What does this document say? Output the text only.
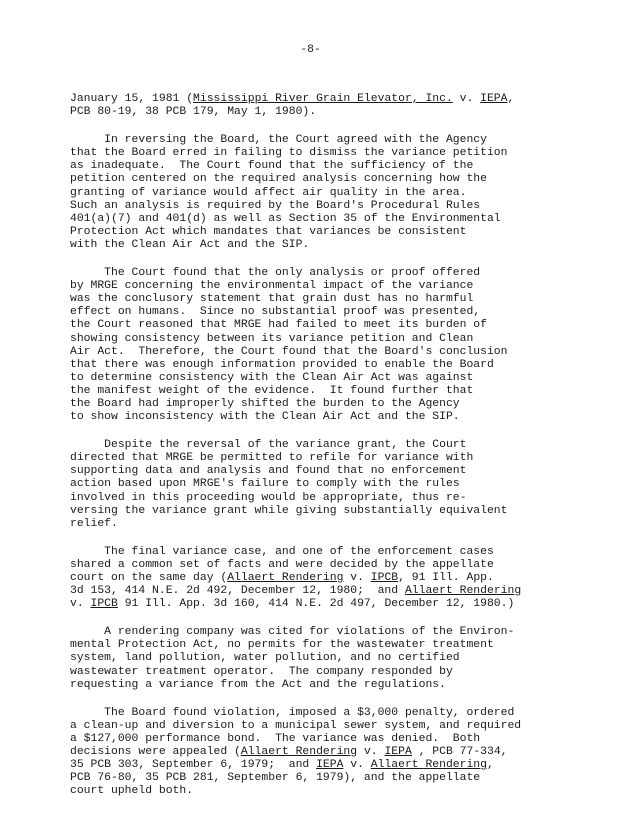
-8-
January 15, 1981 (Mississippi River Grain Elevator, Inc. v. IEPA,
PCB 80-19, 38 PCB 179, May 1, 1980).
In reversing the Board, the Court agreed with the Agency
that the Board erred in failing to dismiss the variance petition
as inadequate.  The Court found that the sufficiency of the
petition centered on the required analysis concerning how the
granting of variance would affect air quality in the area.
Such an analysis is required by the Board's Procedural Rules
401(a)(7) and 401(d) as well as Section 35 of the Environmental
Protection Act which mandates that variances be consistent
with the Clean Air Act and the SIP.
The Court found that the only analysis or proof offered
by MRGE concerning the environmental impact of the variance
was the conclusory statement that grain dust has no harmful
effect on humans.  Since no substantial proof was presented,
the Court reasoned that MRGE had failed to meet its burden of
showing consistency between its variance petition and Clean
Air Act.  Therefore, the Court found that the Board's conclusion
that there was enough information provided to enable the Board
to determine consistency with the Clean Air Act was against
the manifest weight of the evidence.  It found further that
the Board had improperly shifted the burden to the Agency
to show inconsistency with the Clean Air Act and the SIP.
Despite the reversal of the variance grant, the Court
directed that MRGE be permitted to refile for variance with
supporting data and analysis and found that no enforcement
action based upon MRGE's failure to comply with the rules
involved in this proceeding would be appropriate, thus re-
versing the variance grant while giving substantially equivalent
relief.
The final variance case, and one of the enforcement cases
shared a common set of facts and were decided by the appellate
court on the same day (Allaert Rendering v. IPCB, 91 Ill. App.
3d 153, 414 N.E. 2d 492, December 12, 1980;  and Allaert Rendering
v. IPCB 91 Ill. App. 3d 160, 414 N.E. 2d 497, December 12, 1980.)
A rendering company was cited for violations of the Environ-
mental Protection Act, no permits for the wastewater treatment
system, land pollution, water pollution, and no certified
wastewater treatment operator.  The company responded by
requesting a variance from the Act and the regulations.
The Board found violation, imposed a $3,000 penalty, ordered
a clean-up and diversion to a municipal sewer system, and required
a $127,000 performance bond.  The variance was denied.  Both
decisions were appealed (Allaert Rendering v. IEPA , PCB 77-334,
35 PCB 303, September 6, 1979;  and IEPA v. Allaert Rendering,
PCB 76-80, 35 PCB 281, September 6, 1979), and the appellate
court upheld both.
